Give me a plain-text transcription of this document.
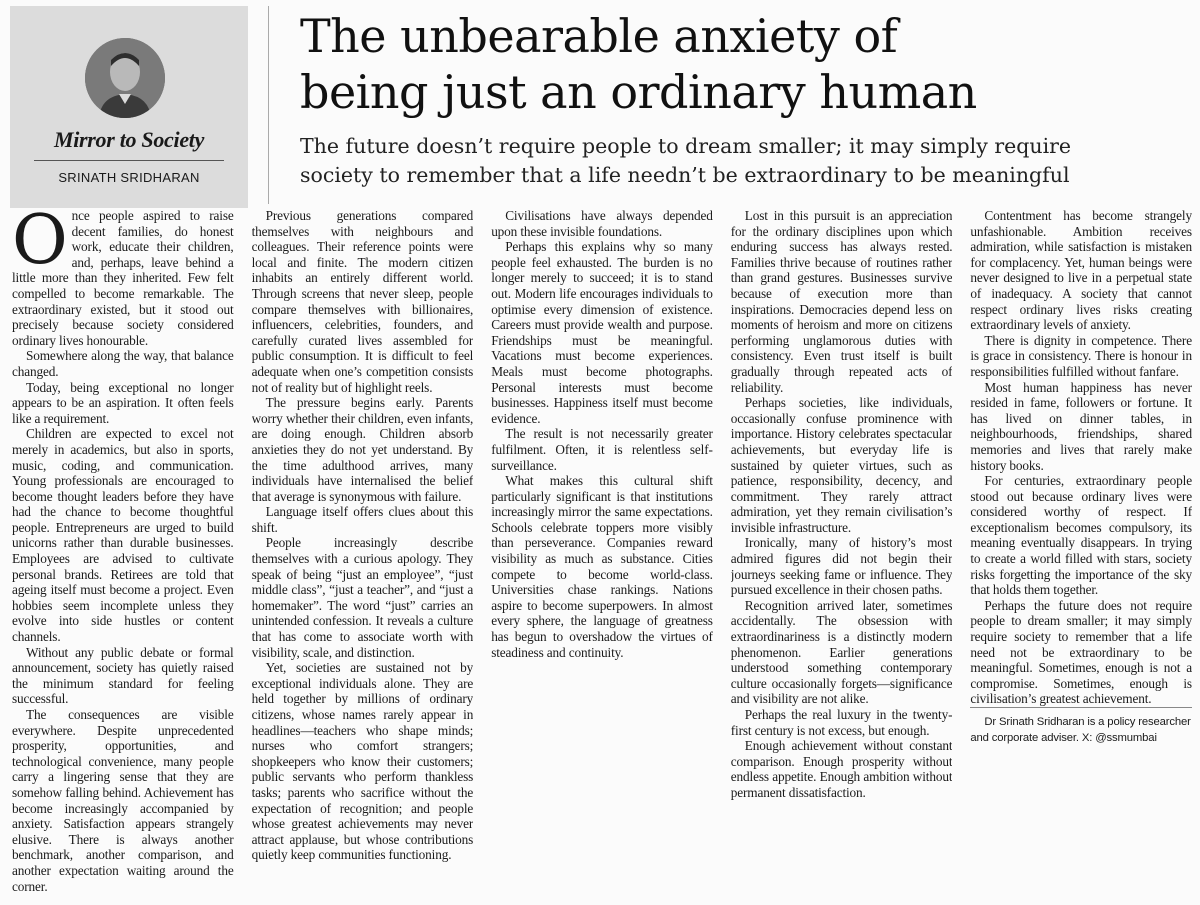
Mirror to Society
SRINATH SRIDHARAN
The unbearable anxiety of
being just an ordinary human

The future doesn’t require people to dream smaller; it may simply require
society to remember that a life needn’t be extraordinary to be meaningful

Once people aspired to raise decent families, do honest work, educate their children, and, perhaps, leave behind a little more than they inherited. Few felt compelled to become remarkable. The extraordinary existed, but it stood out precisely because society considered ordinary lives honourable.

Somewhere along the way, that balance changed.

Today, being exceptional no longer appears to be an aspiration. It often feels like a requirement.

Children are expected to excel not merely in academics, but also in sports, music, coding, and communication. Young professionals are encouraged to become thought leaders before they have had the chance to become thoughtful people. Entrepreneurs are urged to build unicorns rather than durable businesses. Employees are advised to cultivate personal brands. Retirees are told that ageing itself must become a project. Even hobbies seem incomplete unless they evolve into side hustles or content channels.

Without any public debate or formal announcement, society has quietly raised the minimum standard for feeling successful.

The consequences are visible everywhere. Despite unprecedented prosperity, opportunities, and technological convenience, many people carry a lingering sense that they are somehow falling behind. Achievement has become increasingly accompanied by anxiety. Satisfaction appears strangely elusive. There is always another benchmark, another comparison, and another expectation waiting around the corner.

Previous generations compared themselves with neighbours and colleagues. Their reference points were local and finite. The modern citizen inhabits an entirely different world. Through screens that never sleep, people compare themselves with billionaires, influencers, celebrities, founders, and carefully curated lives assembled for public consumption. It is difficult to feel adequate when one’s competition consists not of reality but of highlight reels.

The pressure begins early. Parents worry whether their children, even infants, are doing enough. Children absorb anxieties they do not yet understand. By the time adulthood arrives, many individuals have internalised the belief that average is synonymous with failure.

Language itself offers clues about this shift.

People increasingly describe themselves with a curious apology. They speak of being “just an employee”, “just middle class”, “just a teacher”, and “just a homemaker”. The word “just” carries an unintended confession. It reveals a culture that has come to associate worth with visibility, scale, and distinction.

Yet, societies are sustained not by exceptional individuals alone. They are held together by millions of ordinary citizens, whose names rarely appear in headlines—teachers who shape minds; nurses who comfort strangers; shopkeepers who know their customers; public servants who perform thankless tasks; parents who sacrifice without the expectation of recognition; and people whose greatest achievements may never attract applause, but whose contributions quietly keep communities functioning.

Civilisations have always depended upon these invisible foundations.

Perhaps this explains why so many people feel exhausted. The burden is no longer merely to succeed; it is to stand out. Modern life encourages individuals to optimise every dimension of existence. Careers must provide wealth and purpose. Friendships must be meaningful. Vacations must become experiences. Meals must become photographs. Personal interests must become businesses. Happiness itself must become evidence.

The result is not necessarily greater fulfilment. Often, it is relentless self-surveillance.

What makes this cultural shift particularly significant is that institutions increasingly mirror the same expectations. Schools celebrate toppers more visibly than perseverance. Companies reward visibility as much as substance. Cities compete to become world-class. Universities chase rankings. Nations aspire to become superpowers. In almost every sphere, the language of greatness has begun to overshadow the virtues of steadiness and continuity.

Lost in this pursuit is an appreciation for the ordinary disciplines upon which enduring success has always rested. Families thrive because of routines rather than grand gestures. Businesses survive because of execution more than inspirations. Democracies depend less on moments of heroism and more on citizens performing unglamorous duties with consistency. Even trust itself is built gradually through repeated acts of reliability.

Perhaps societies, like individuals, occasionally confuse prominence with importance. History celebrates spectacular achievements, but everyday life is sustained by quieter virtues, such as patience, responsibility, decency, and commitment. They rarely attract admiration, yet they remain civilisation’s invisible infrastructure.

Ironically, many of history’s most admired figures did not begin their journeys seeking fame or influence. They pursued excellence in their chosen paths.

Recognition arrived later, sometimes accidentally. The obsession with extraordinariness is a distinctly modern phenomenon. Earlier generations understood something contemporary culture occasionally forgets—significance and visibility are not alike.

Perhaps the real luxury in the twenty-first century is not excess, but enough.

Enough achievement without constant comparison. Enough prosperity without endless appetite. Enough ambition without permanent dissatisfaction.

Contentment has become strangely unfashionable. Ambition receives admiration, while satisfaction is mistaken for complacency. Yet, human beings were never designed to live in a perpetual state of inadequacy. A society that cannot respect ordinary lives risks creating extraordinary levels of anxiety.

There is dignity in competence. There is grace in consistency. There is honour in responsibilities fulfilled without fanfare.

Most human happiness has never resided in fame, followers or fortune. It has lived on dinner tables, in neighbourhoods, friendships, shared memories and lives that rarely make history books.

For centuries, extraordinary people stood out because ordinary lives were considered worthy of respect. If exceptionalism becomes compulsory, its meaning eventually disappears. In trying to create a world filled with stars, society risks forgetting the importance of the sky that holds them together.

Perhaps the future does not require people to dream smaller; it may simply require society to remember that a life need not be extraordinary to be meaningful. Sometimes, enough is not a compromise. Sometimes, enough is civilisation’s greatest achievement.

Dr Srinath Sridharan is a policy researcher and corporate adviser. X: @ssmumbai
